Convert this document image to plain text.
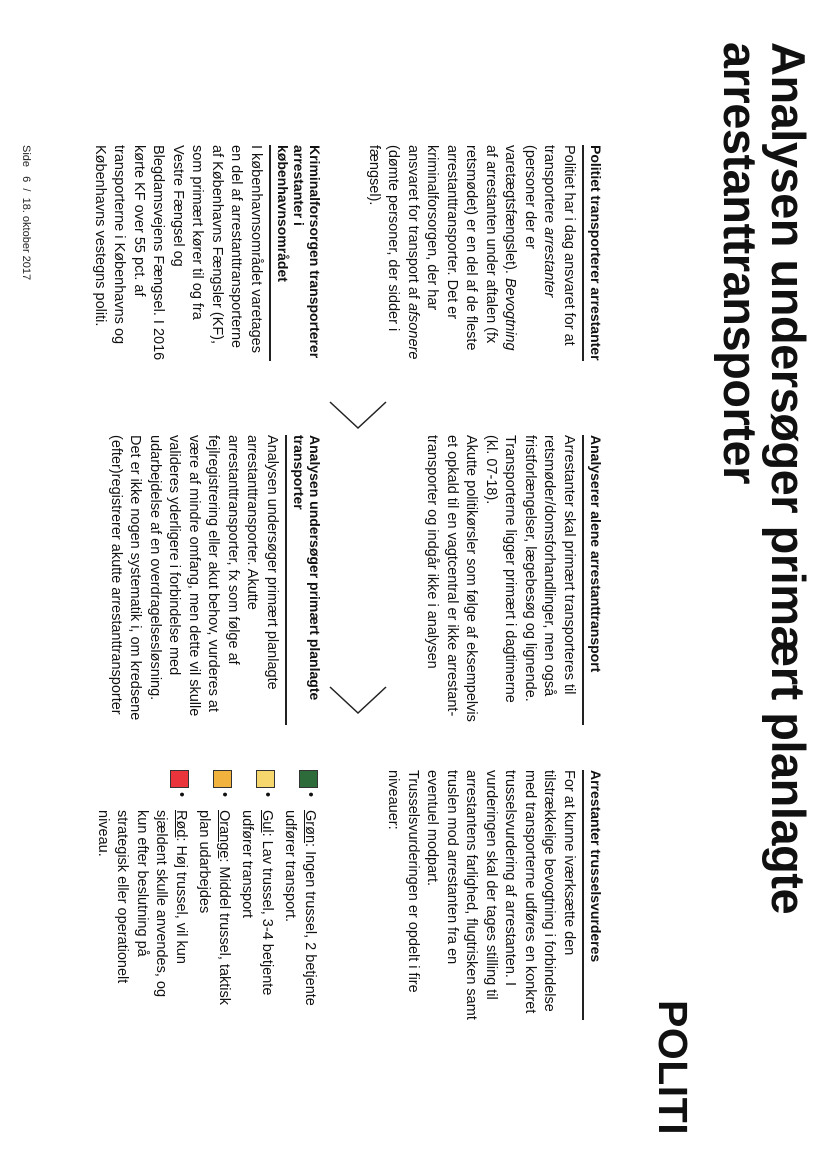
Analysen undersøger primært planlagte arrestanttransporter
POLITI
Politiet transporterer arrestanter
Politiet har i dag ansvaret for at transportere arrestanter (personer der er varetægtsfængslet). Bevogtning af arrestanten under aftalen (fx retsmødet) er en del af de fleste arrestanttransporter. Det er kriminalforsorgen, der har ansvaret for transport af afsonere (dømte personer, der sidder i fængsel).
Analyserer alene arrestanttransport
Arrestanter skal primært transporteres til retsmøder/domsforhandlinger, men også fristforlængelser, lægebesøg og lignende. Transporterne ligger primært i dagtimerne (kl. 07-18).
Akutte politikørsler som følge af eksempelvis et opkald til en vagtcentral er ikke arrestant-transporter og indgår ikke i analysen
Arrestanter trusselsvurderes
For at kunne iværksætte den tilstrækkelige bevogtning i forbindelse med transporterne udføres en konkret trusselsvurdering af arrestanten. I vurderingen skal der tages stilling til arrestantens farlighed, flugtrisken samt truslen mod arrestanten fra en eventuel modpart. Trusselsvurderingen er opdelt i fire niveauer:
Kriminalforsorgen transporterer arrestanter i københavnsområdet
I københavnsområdet varetages en del af arrestanttransporterne af Københavns Fængsler (KF), som primært kører til og fra Vestre Fængsel og Blegdamsvejens Fængsel. I 2016 kørte KF over 55 pct. af transporterne i Københavns og Københavns vestegns politi.
Analysen undersøger primært planlagte transporter
Analysen undersøger primært planlagte arrestanttransporter. Akutte arrestanttransporter, fx som følge af fejlregistrering eller akut behov, vurderes at være af mindre omfang, men dette vil skulle valideres yderligere i forbindelse med udarbejdelse af en overdragelsesløsning. Det er ikke nogen systematik i, om kredsene (efter)registrerer akutte arrestanttransporter
•
Grøn: Ingen trussel, 2 betjente udfører transport.
•
Gul: Lav trussel, 3-4 betjente udfører transport
•
Orange: Middel trussel, taktisk plan udarbejdes
•
Rød: Høj trussel, vil kun sjældent skulle anvendes, og kun efter beslutning på strategisk eller operationelt niveau.
Side   6  /  18. oktober 2017
